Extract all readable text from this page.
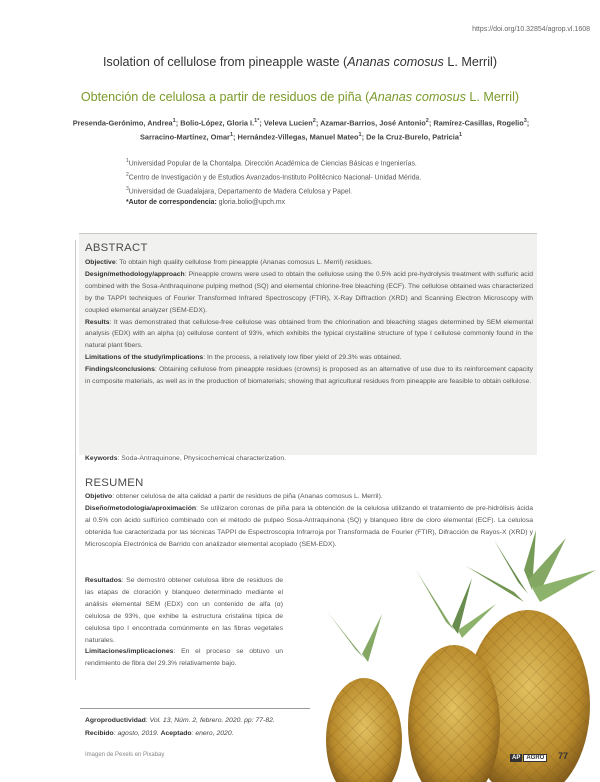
https://doi.org/10.32854/agrop.vl.1608
Isolation of cellulose from pineapple waste (Ananas comosus L. Merril)
Obtención de celulosa a partir de residuos de piña (Ananas comosus L. Merril)
Presenda-Gerónimo, Andrea$^1$; Bolio-López, Gloria I.$^{1*}$; Veleva Lucien$^2$; Azamar-Barrios, José Antonio$^2$; Ramírez-Casillas, Rogelio$^3$;
Sarracino-Martínez, Omar$^1$; Hernández-Villegas, Manuel Mateo$^1$; De la Cruz-Burelo, Patricia$^1$
$^1$Universidad Popular de la Chontalpa. Dirección Académica de Ciencias Básicas e Ingenierías.
$^2$Centro de Investigación y de Estudios Avanzados-Instituto Politécnico Nacional- Unidad Mérida.
$^3$Universidad de Guadalajara, Departamento de Madera Celulosa y Papel.
*Autor de correspondencia: gloria.bolio@upch.mx
ABSTRACT
Objective: To obtain high quality cellulose from pineapple (Ananas comosus L. Merril) residues.
Design/methodology/approach: Pineapple crowns were used to obtain the cellulose using the 0.5% acid pre-hydrolysis treatment with sulfuric acid combined with the Sosa-Anthraquinone pulping method (SQ) and elemental chlorine-free bleaching (ECF). The cellulose obtained was characterized by the TAPPI techniques of Fourier Transformed Infrared Spectroscopy (FTIR), X-Ray Diffraction (XRD) and Scanning Electron Microscopy with coupled elemental analyzer (SEM-EDX).
Results: It was demonstrated that cellulose-free cellulose was obtained from the chlorination and bleaching stages determined by SEM elemental analysis (EDX) with an alpha (α) cellulose content of 93%, which exhibits the typical crystalline structure of type I cellulose commonly found in the natural plant fibers.
Limitations of the study/implications: In the process, a relatively low fiber yield of 29.3% was obtained.
Findings/conclusions: Obtaining cellulose from pineapple residues (crowns) is proposed as an alternative of use due to its reinforcement capacity in composite materials, as well as in the production of biomaterials; showing that agricultural residues from pineapple are feasible to obtain cellulose.
Keywords: Soda-Antraquinone, Physicochemical characterization.
RESUMEN
Objetivo: obtener celulosa de alta calidad a partir de residuos de piña (Ananas comosus L. Merril).
Diseño/metodología/aproximación: Se utilizaron coronas de piña para la obtención de la celulosa utilizando el tratamiento de pre-hidrólisis ácida al 0.5% con ácido sulfúrico combinado con el método de pulpeo Sosa-Antraquinona (SQ) y blanqueo libre de cloro elemental (ECF). La celulosa obtenida fue caracterizada por las técnicas TAPPI de Espectroscopia Infrarroja por Transformada de Fourier (FTIR), Difracción de Rayos-X (XRD) y Microscopía Electrónica de Barrido con analizador elemental acoplado (SEM-EDX).
Resultados: Se demostró obtener celulosa libre de residuos de las etapas de cloración y blanqueo determinado mediante el análisis elemental SEM (EDX) con un contenido de alfa (α) celulosa de 93%, que exhibe la estructura cristalina típica de celulosa tipo I encontrada comúnmente en las fibras vegetales naturales.
Limitaciones/implicaciones: En el proceso se obtuvo un rendimiento de fibra del 29.3% relativamente bajo.
Agroproductividad: Vol. 13, Núm. 2, febrero. 2020. pp: 77-82.
Recibido: agosto, 2019. Aceptado: enero, 2020.
Imagen de Pexels en Pixabay	AP	AGRO	77
